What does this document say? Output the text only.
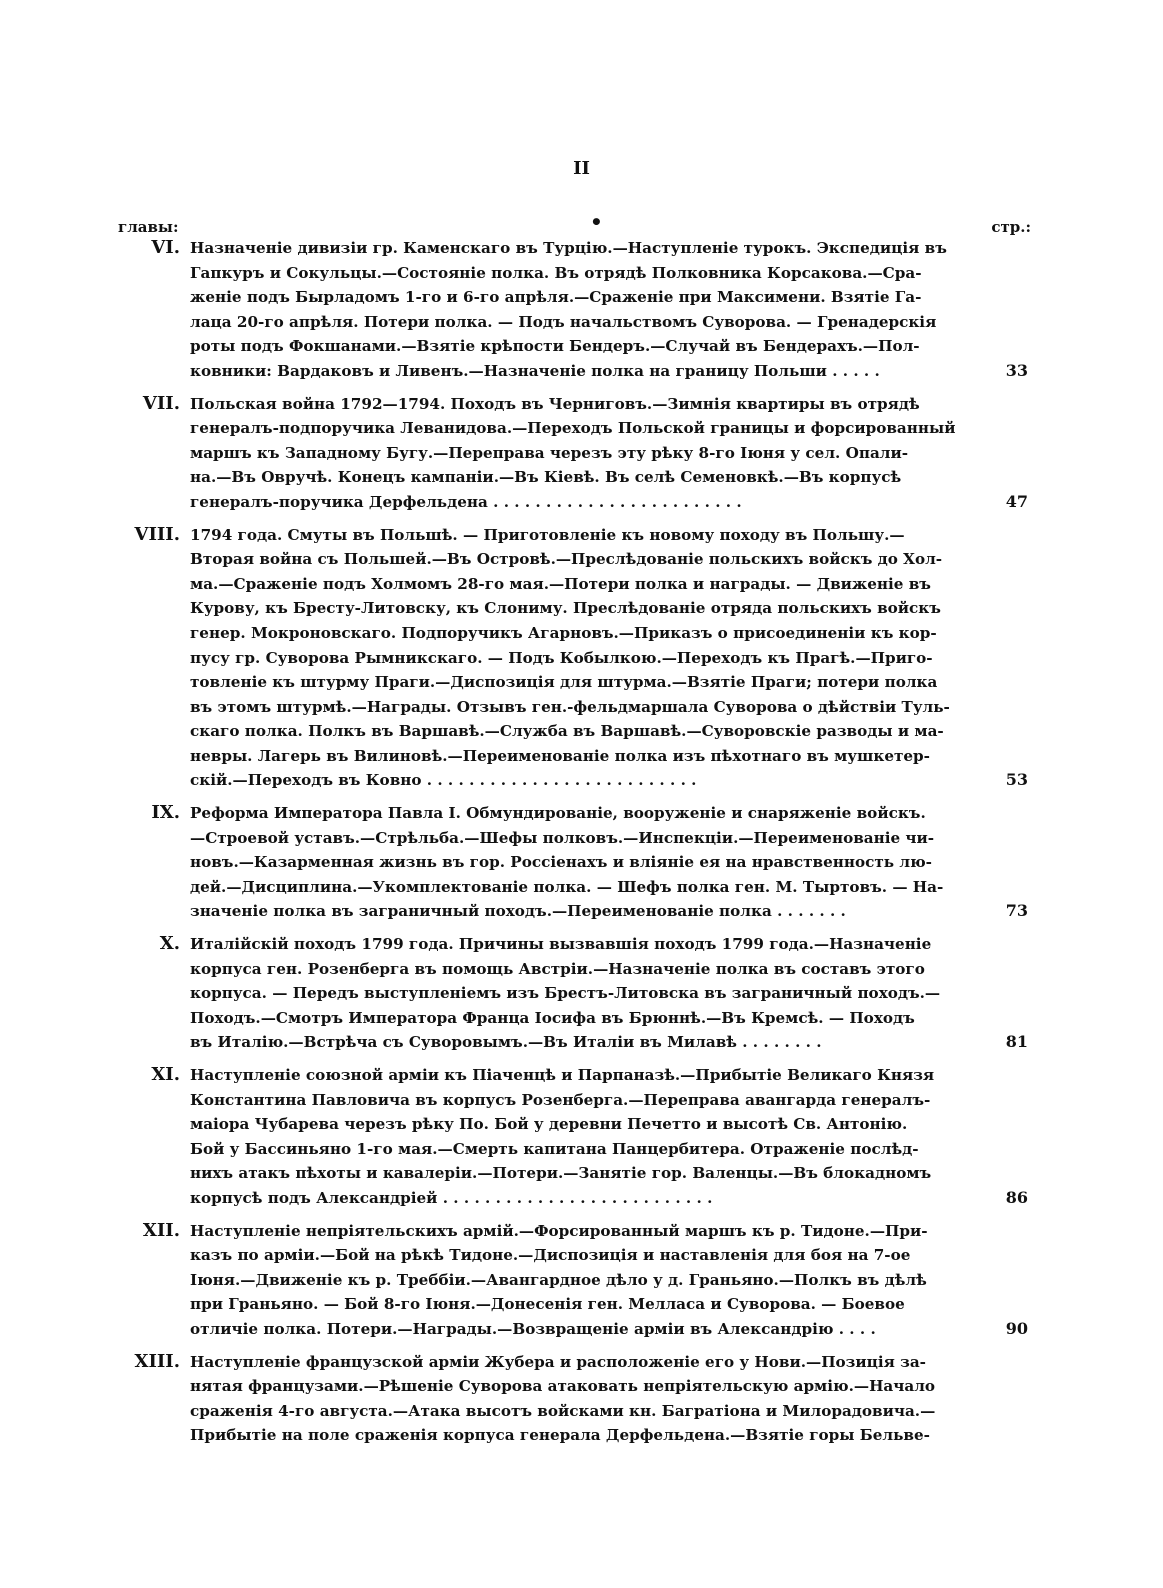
II
главы:	•	стр.:
VI. Назначеніе дивизіи гр. Каменскаго въ Турцію.—Наступленіе турокъ. Экспедиція въ
Гапкуръ и Сокульцы.—Состояніе полка. Въ отрядѣ Полковника Корсакова.—Сра-
женіе подъ Бырладомъ 1-го и 6-го апрѣля.—Сраженіе при Максимени. Взятіе Га-
лаца 20-го апрѣля. Потери полка. — Подъ начальствомъ Суворова. — Гренадерскія
роты подъ Фокшанами.—Взятіе крѣпости Бендеръ.—Случай въ Бендерахъ.—Пол-
ковники: Вардаковъ и Ливенъ.—Назначеніе полка на границу Польши . . . . .	33
VII. Польская война 1792—1794. Походъ въ Черниговъ.—Зимнія квартиры въ отрядѣ
генералъ-подпоручика Леванидова.—Переходъ Польской границы и форсированный
маршъ къ Западному Бугу.—Переправа черезъ эту рѣку 8-го Іюня у сел. Опали-
на.—Въ Овручѣ. Конецъ кампаніи.—Въ Кіевѣ. Въ селѣ Семеновкѣ.—Въ корпусѣ
генералъ-поручика Дерфельдена . . . . . . . . . . . . . . . . . . . . . . . .	47
VIII. 1794 года. Смуты въ Польшѣ. — Приготовленіе къ новому походу въ Польшу.—
Вторая война съ Польшей.—Въ Островѣ.—Преслѣдованіе польскихъ войскъ до Хол-
ма.—Сраженіе подъ Холмомъ 28-го мая.—Потери полка и награды. — Движеніе въ
Курову, къ Бресту-Литовску, къ Слониму. Преслѣдованіе отряда польскихъ войскъ
генер. Мокроновскаго. Подпоручикъ Агарновъ.—Приказъ о присоединеніи къ кор-
пусу гр. Суворова Рымникскаго. — Подъ Кобылкою.—Переходъ къ Прагѣ.—Приго-
товленіе къ штурму Праги.—Диспозиція для штурма.—Взятіе Праги; потери полка
въ этомъ штурмѣ.—Награды. Отзывъ ген.-фельдмаршала Суворова о дѣйствіи Туль-
скаго полка. Полкъ въ Варшавѣ.—Служба въ Варшавѣ.—Суворовскіе разводы и ма-
невры. Лагерь въ Вилиновѣ.—Переименованіе полка изъ пѣхотнаго въ мушкетер-
скій.—Переходъ въ Ковно . . . . . . . . . . . . . . . . . . . . . . . . . .	53
IX. Реформа Императора Павла I. Обмундированіе, вооруженіе и снаряженіе войскъ.
—Строевой уставъ.—Стрѣльба.—Шефы полковъ.—Инспекціи.—Переименованіе чи-
новъ.—Казарменная жизнь въ гор. Россіенахъ и вліяніе ея на нравственность лю-
дей.—Дисциплина.—Укомплектованіе полка. — Шефъ полка ген. М. Тыртовъ. — На-
значеніе полка въ заграничный походъ.—Переименованіе полка . . . . . . .	73
X. Италійскій походъ 1799 года. Причины вызвавшія походъ 1799 года.—Назначеніе
корпуса ген. Розенберга въ помощь Австріи.—Назначеніе полка въ составъ этого
корпуса. — Передъ выступленіемъ изъ Брестъ-Литовска въ заграничный походъ.—
Походъ.—Смотръ Императора Франца Іосифа въ Брюннѣ.—Въ Кремсѣ. — Походъ
въ Италію.—Встрѣча съ Суворовымъ.—Въ Италіи въ Милавѣ . . . . . . . .	81
XI. Наступленіе союзной арміи къ Піаченцѣ и Парпаназѣ.—Прибытіе Великаго Князя
Константина Павловича въ корпусъ Розенберга.—Переправа авангарда генералъ-
маіора Чубарева черезъ рѣку По. Бой у деревни Печетто и высотѣ Св. Антонію.
Бой у Бассиньяно 1-го мая.—Смерть капитана Панцербитера. Отраженіе послѣд-
нихъ атакъ пѣхоты и кавалеріи.—Потери.—Занятіе гор. Валенцы.—Въ блокадномъ
корпусѣ подъ Александріей . . . . . . . . . . . . . . . . . . . . . . . . . .	86
XII. Наступленіе непріятельскихъ армій.—Форсированный маршъ къ р. Тидоне.—При-
казъ по арміи.—Бой на рѣкѣ Тидоне.—Диспозиція и наставленія для боя на 7-ое
Іюня.—Движеніе къ р. Треббіи.—Авангардное дѣло у д. Граньяно.—Полкъ въ дѣлѣ
при Граньяно. — Бой 8-го Іюня.—Донесенія ген. Мелласа и Суворова. — Боевое
отличіе полка. Потери.—Награды.—Возвращеніе арміи въ Александрію . . . .	90
XIII. Наступленіе французской арміи Жубера и расположеніе его у Нови.—Позиція за-
нятая французами.—Рѣшеніе Суворова атаковать непріятельскую армію.—Начало
сраженія 4-го августа.—Атака высотъ войсками кн. Багратіона и Милорадовича.—
Прибытіе на поле сраженія корпуса генерала Дерфельдена.—Взятіе горы Бельве-
